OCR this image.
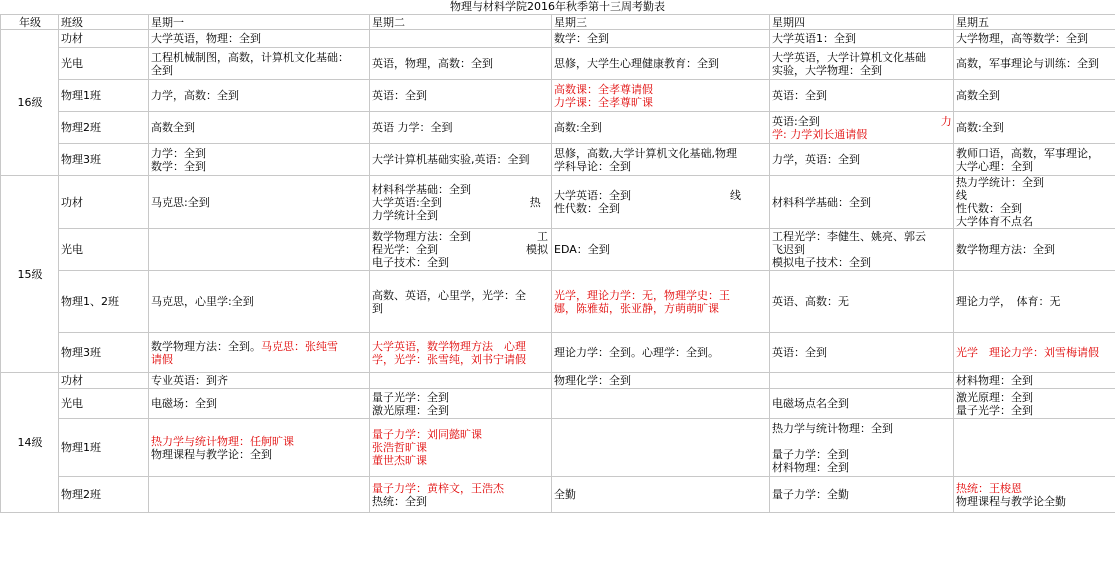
物理与材料学院2016年秋季第十三周考勤表
年级	班级	星期一	星期二	星期三	星期四	星期五
16级	功材	大学英语，物理：全到		数学：全到	大学英语1：全到	大学物理，高等数学：全到
	光电	工程机械制图，高数，计算机文化基础：
全到	英语，物理，高数：全到	思修，大学生心理健康教育：全到	大学英语，大学计算机文化基础
实验，大学物理：全到	高数，军事理论与训练：全到
	物理1班	力学，高数：全到	英语：全到	高数课：全孝尊请假
力学课：全孝尊旷课	英语：全到	高数全到
	物理2班	高数全到	英语 力学：全到	高数:全到	英语:全到 　　　　　　　　　　　力
学: 力学刘长通请假	高数:全到
	物理3班	力学：全到
数学：全到	大学计算机基础实验,英语：全到	思修，高数,大学计算机文化基础,物理
学科导论：全到	力学，英语：全到	教师口语，高数，军事理论，
大学心理：全到
15级	功材	马克思:全到	材料科学基础：全到
大学英语:全到　　　　　　　　热
力学统计全到	大学英语：全到　　　　　　　　　线
性代数：全到	材料科学基础：全到	热力学统计：全到　　　　　　线
性代数：全到
大学体育不点名
	光电		数学物理方法：全到　　　　　　工
程光学：全到　　　　　　　　模拟
电子技术：全到	EDA：全到	工程光学：李健生、姚亮、郭云
飞迟到
模拟电子技术：全到	数学物理方法：全到
	物理1、2班	马克思，心里学:全到	高数、英语，心里学，光学：全
到	光学，理论力学：无，物理学史：王
娜，陈雅茹，张亚静，方萌萌旷课	英语、高数：无	理论力学，　体育：无
	物理3班	数学物理方法：全到。马克思：张纯雪
请假	大学英语，数学物理方法　心理
学，光学：张雪纯，刘书宁请假	理论力学：全到。心理学：全到。	英语：全到	光学　理论力学：刘雪梅请假
14级	功材	专业英语：到齐		物理化学：全到		材料物理：全到
	光电	电磁场：全到	量子光学：全到
激光原理：全到		电磁场点名全到	激光原理：全到
量子光学：全到
	物理1班	热力学与统计物理：任舸旷课
物理课程与教学论：全到	量子力学：刘同懿旷课
张浩哲旷课
董世杰旷课		热力学与统计物理：全到

量子力学：全到
材料物理：全到	
	物理2班		量子力学：黄梓文，王浩杰
热统：全到	全勤	量子力学：全勤	热统：王梭恩
物理课程与教学论全勤
